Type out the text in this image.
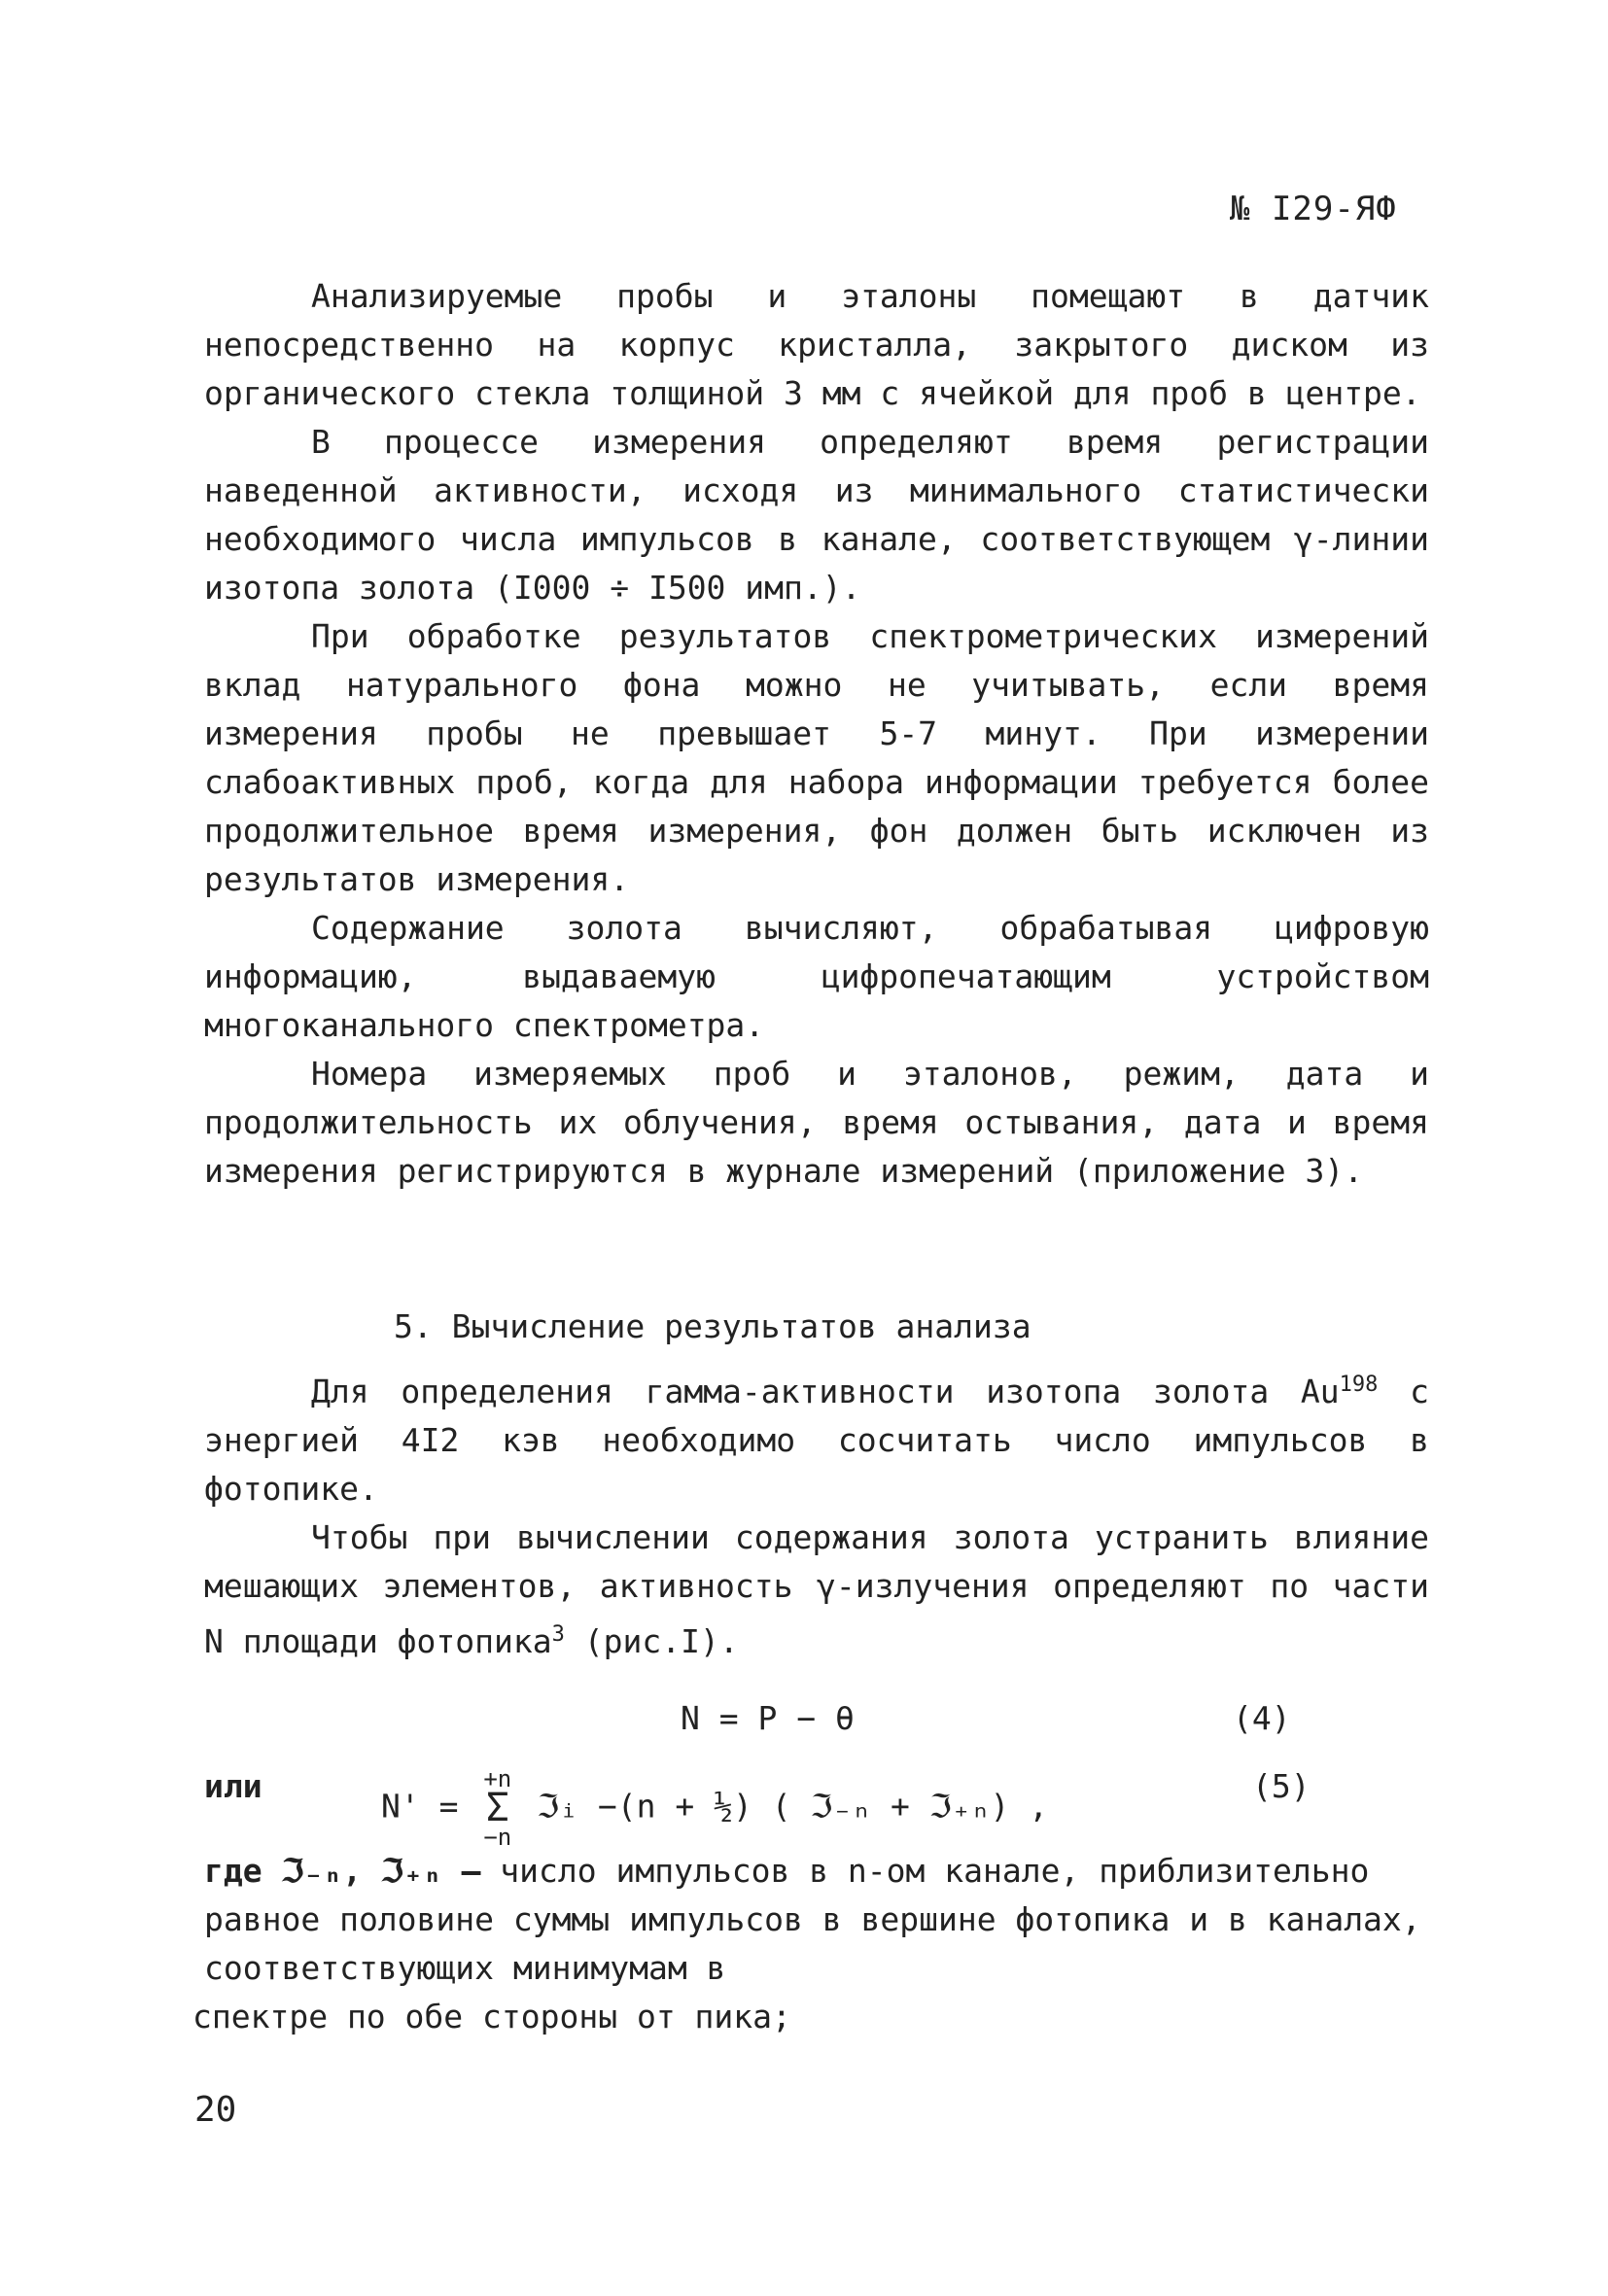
№ I29-ЯФ

Анализируемые пробы и эталоны помещают в датчик непосредственно на корпус кристалла, закрытого диском из органического стекла толщиной 3 мм с ячейкой для проб в центре.

В процессе измерения определяют время регистрации наведенной активности, исходя из минимального статистически необходимого числа импульсов в канале, соответствующем γ-линии изотопа золота (I000 ÷ I500 имп.).

При обработке результатов спектрометрических измерений вклад натурального фона можно не учитывать, если время измерения пробы не превышает 5-7 минут. При измерении слабоактивных проб, когда для набора информации требуется более продолжительное время измерения, фон должен быть исключен из результатов измерения.

Содержание золота вычисляют, обрабатывая цифровую информацию, выдаваемую цифропечатающим устройством многоканального спектрометра.

Номера измеряемых проб и эталонов, режим, дата и продолжительность их облучения, время остывания, дата и время измерения регистрируются в журнале измерений (приложение 3).

5. Вычисление результатов анализа

Для определения гамма-активности изотопа золота Au$^{198}$ с энергией 4I2 кэв необходимо сосчитать число импульсов в фотопике.

Чтобы при вычислении содержания золота устранить влияние мешающих элементов, активность γ-излучения определяют по части N площади фотопика$^3$ (рис.I).

N = P − θ	(4)
или
N' =
+n
Σ
−n
ℑᵢ −(n + ½) ( ℑ₋ₙ + ℑ₊ₙ) ,
(5)

где ℑ₋ₙ, ℑ₊ₙ – число импульсов в n-ом канале, приблизительно равное половине суммы импульсов в вершине фотопика и в каналах, соответствующих минимумам в

спектре по обе стороны от пика;

20
